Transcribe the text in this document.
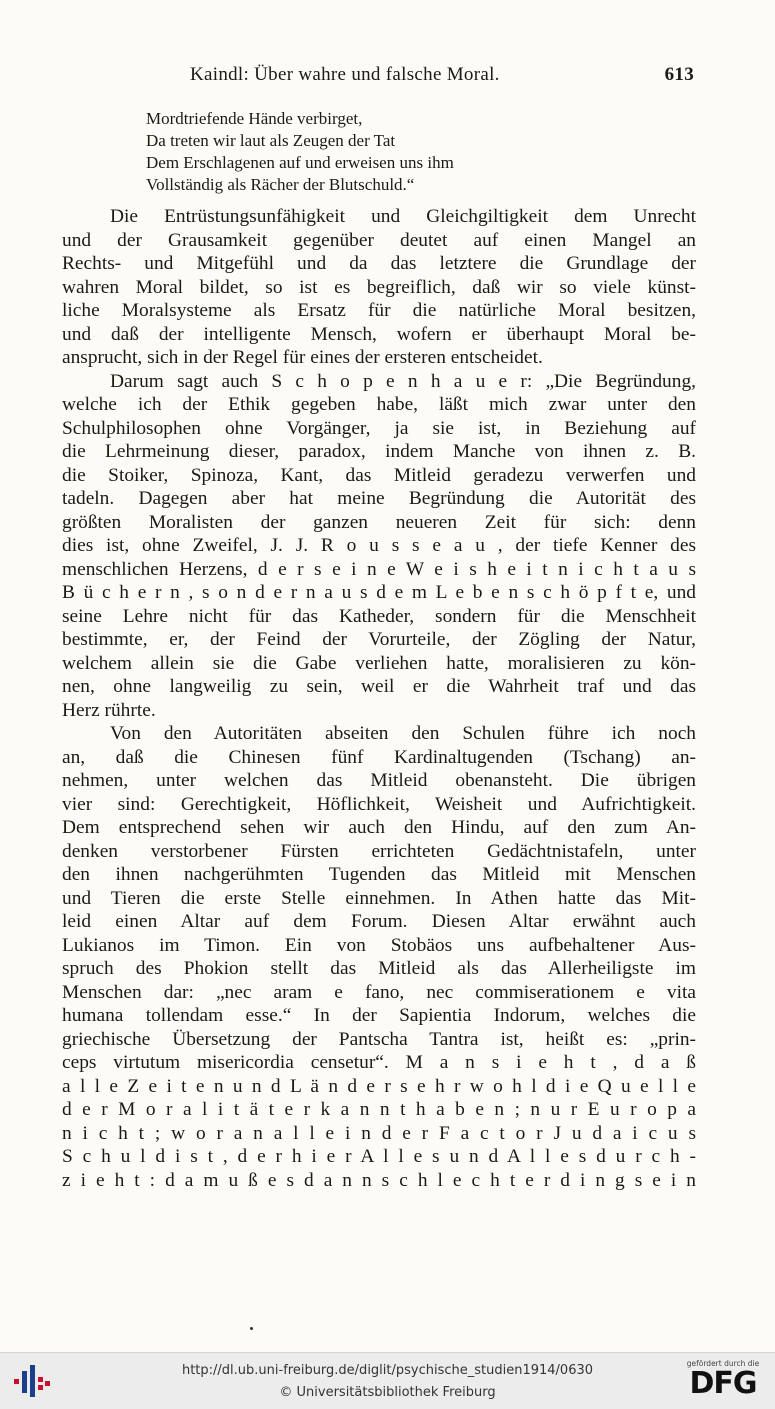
Kaindl: Über wahre und falsche Moral.	613
Mordtriefende Hände verbirget,
Da treten wir laut als Zeugen der Tat
Dem Erschlagenen auf und erweisen uns ihm
Vollständig als Rächer der Blutschuld.“
Die Entrüstungsunfähigkeit und Gleichgiltigkeit dem Unrecht
und der Grausamkeit gegenüber deutet auf einen Mangel an
Rechts- und Mitgefühl und da das letztere die Grundlage der
wahren Moral bildet, so ist es begreiflich, daß wir so viele künst-
liche Moralsysteme als Ersatz für die natürliche Moral besitzen,
und daß der intelligente Mensch, wofern er überhaupt Moral be-
ansprucht, sich in der Regel für eines der ersteren entscheidet.
Darum sagt auch S c h o p e n h a u e r: „Die Begründung,
welche ich der Ethik gegeben habe, läßt mich zwar unter den
Schulphilosophen ohne Vorgänger, ja sie ist, in Beziehung auf
die Lehrmeinung dieser, paradox, indem Manche von ihnen z. B.
die Stoiker, Spinoza, Kant, das Mitleid geradezu verwerfen und
tadeln. Dagegen aber hat meine Begründung die Autorität des
größten Moralisten der ganzen neueren Zeit für sich: denn
dies ist, ohne Zweifel, J. J. R o u s s e a u , der tiefe Kenner des
menschlichen Herzens, d e r s e i n e W e i s h e i t n i c h t a u s
B ü c h e r n , s o n d e r n a u s d e m L e b e n s c h ö p f t e, und
seine Lehre nicht für das Katheder, sondern für die Menschheit
bestimmte, er, der Feind der Vorurteile, der Zögling der Natur,
welchem allein sie die Gabe verliehen hatte, moralisieren zu kön-
nen, ohne langweilig zu sein, weil er die Wahrheit traf und das
Herz rührte.
Von den Autoritäten abseiten den Schulen führe ich noch
an, daß die Chinesen fünf Kardinaltugenden (Tschang) an-
nehmen, unter welchen das Mitleid obenansteht. Die übrigen
vier sind: Gerechtigkeit, Höflichkeit, Weisheit und Aufrichtigkeit.
Dem entsprechend sehen wir auch den Hindu, auf den zum An-
denken verstorbener Fürsten errichteten Gedächtnistafeln, unter
den ihnen nachgerühmten Tugenden das Mitleid mit Menschen
und Tieren die erste Stelle einnehmen. In Athen hatte das Mit-
leid einen Altar auf dem Forum. Diesen Altar erwähnt auch
Lukianos im Timon. Ein von Stobäos uns aufbehaltener Aus-
spruch des Phokion stellt das Mitleid als das Allerheiligste im
Menschen dar: „nec aram e fano, nec commiserationem e vita
humana tollendam esse.“ In der Sapientia Indorum, welches die
griechische Übersetzung der Pantscha Tantra ist, heißt es: „prin-
ceps virtutum misericordia censetur“. M a n s i e h t , d a ß
a l l e Z e i t e n u n d L ä n d e r s e h r w o h l d i e Q u e l l e
d e r M o r a l i t ä t e r k a n n t h a b e n ; n u r E u r o p a
n i c h t ; w o r a n a l l e i n d e r F a c t o r J u d a i c u s
S c h u l d i s t , d e r h i e r A l l e s u n d A l l e s d u r c h -
z i e h t : d a m u ß e s d a n n s c h l e c h t e r d i n g s e i n
http://dl.ub.uni-freiburg.de/diglit/psychische_studien1914/0630
© Universitätsbibliothek Freiburg
gefördert durch die
DFG
